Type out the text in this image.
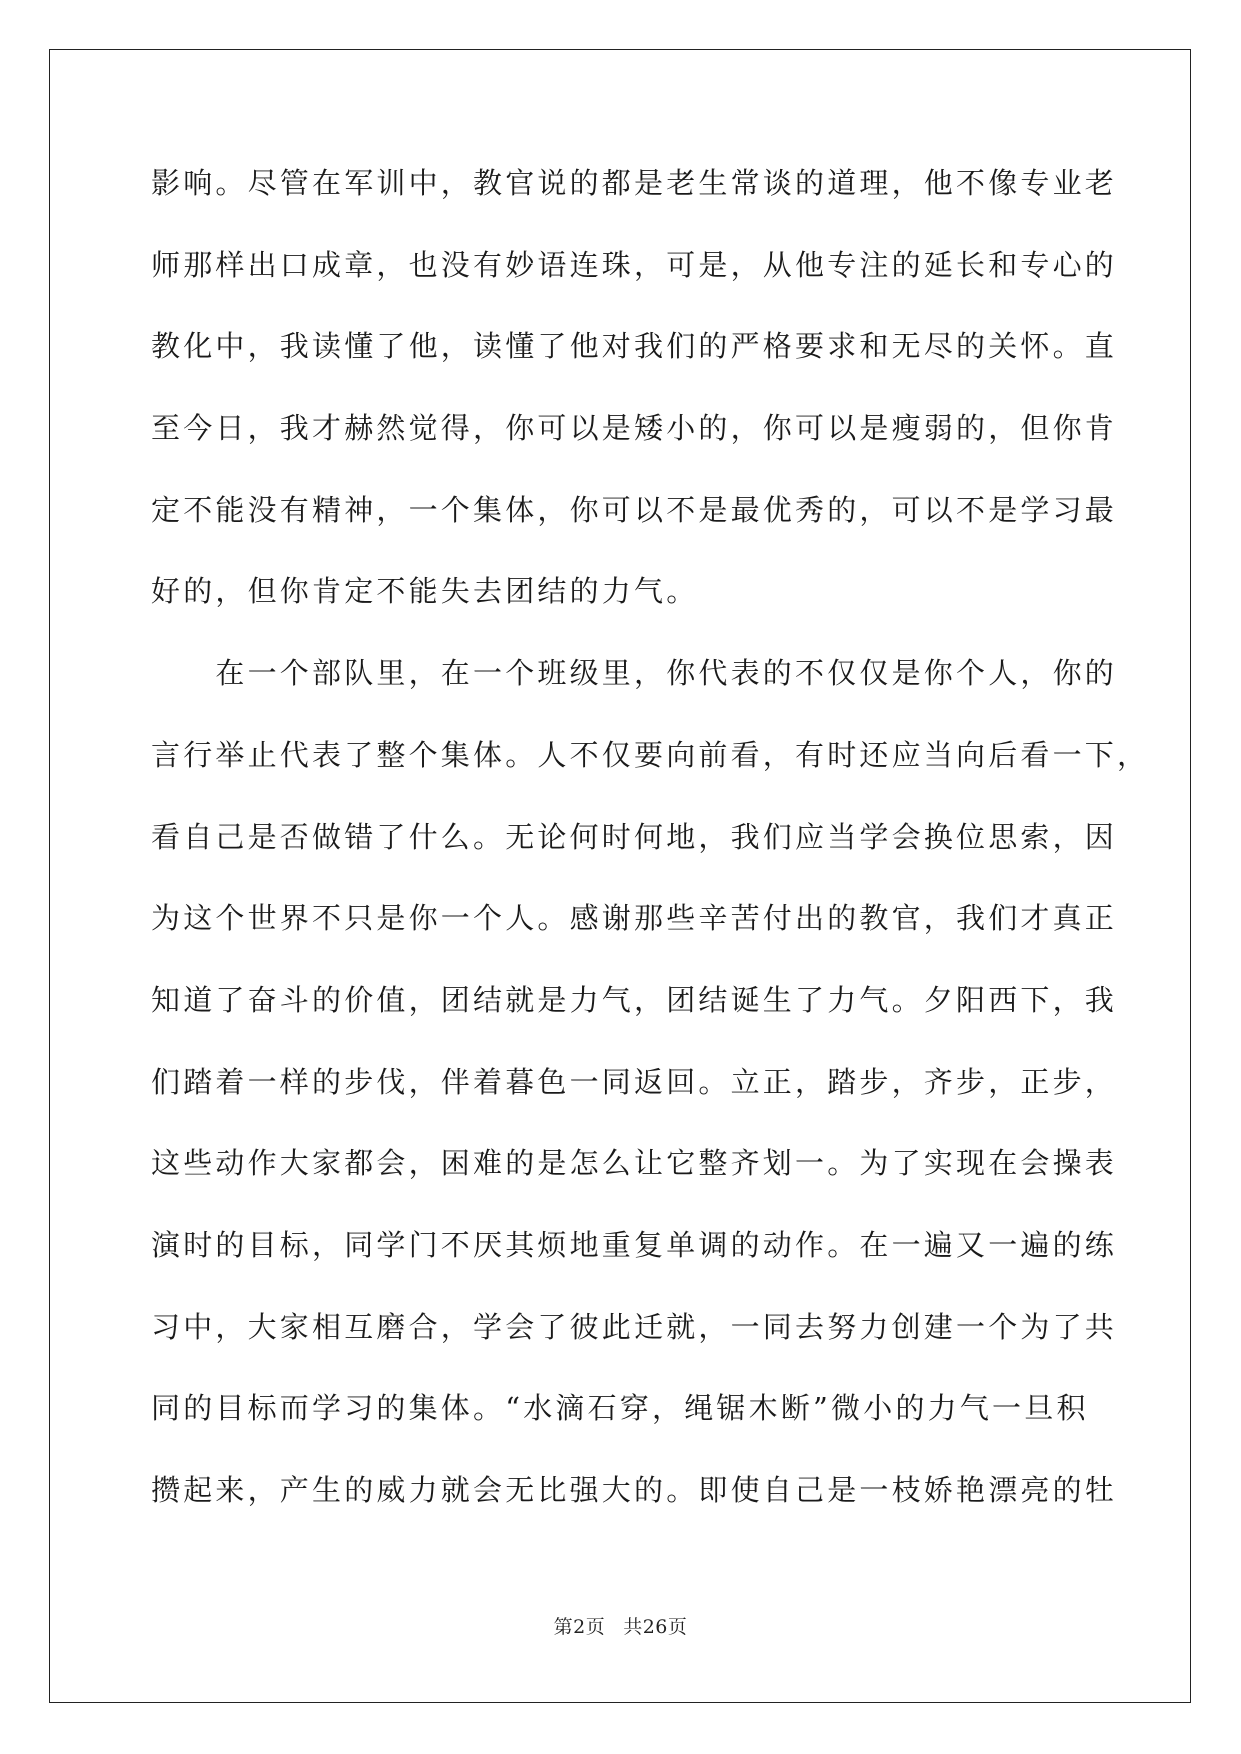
影响。尽管在军训中，教官说的都是老生常谈的道理，他不像专业老
师那样出口成章，也没有妙语连珠，可是，从他专注的延长和专心的
教化中，我读懂了他，读懂了他对我们的严格要求和无尽的关怀。直
至今日，我才赫然觉得，你可以是矮小的，你可以是瘦弱的，但你肯
定不能没有精神，一个集体，你可以不是最优秀的，可以不是学习最
好的，但你肯定不能失去团结的力气。
　　在一个部队里，在一个班级里，你代表的不仅仅是你个人，你的
言行举止代表了整个集体。人不仅要向前看，有时还应当向后看一下，
看自己是否做错了什么。无论何时何地，我们应当学会换位思索，因
为这个世界不只是你一个人。感谢那些辛苦付出的教官，我们才真正
知道了奋斗的价值，团结就是力气，团结诞生了力气。夕阳西下，我
们踏着一样的步伐，伴着暮色一同返回。立正，踏步，齐步，正步，
这些动作大家都会，困难的是怎么让它整齐划一。为了实现在会操表
演时的目标，同学门不厌其烦地重复单调的动作。在一遍又一遍的练
习中，大家相互磨合，学会了彼此迁就，一同去努力创建一个为了共
同的目标而学习的集体。“水滴石穿，绳锯木断”微小的力气一旦积
攒起来，产生的威力就会无比强大的。即使自己是一枝娇艳漂亮的牡
第2页 共26页
